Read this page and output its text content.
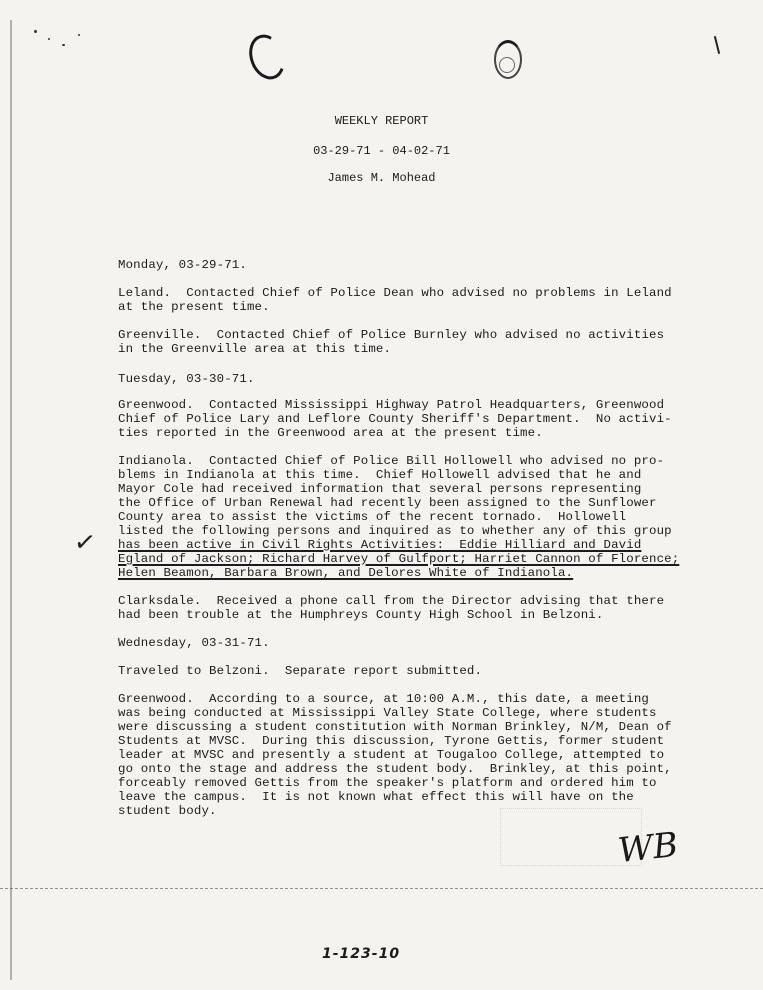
WEEKLY REPORT
03-29-71 - 04-02-71
James M. Mohead
Monday, 03-29-71.
Leland.  Contacted Chief of Police Dean who advised no problems in Leland
at the present time.
Greenville.  Contacted Chief of Police Burnley who advised no activities
in the Greenville area at this time.
Tuesday, 03-30-71.
Greenwood.  Contacted Mississippi Highway Patrol Headquarters, Greenwood
Chief of Police Lary and Leflore County Sheriff's Department.  No activi-
ties reported in the Greenwood area at the present time.
Indianola.  Contacted Chief of Police Bill Hollowell who advised no pro-
blems in Indianola at this time.  Chief Hollowell advised that he and
Mayor Cole had received information that several persons representing
the Office of Urban Renewal had recently been assigned to the Sunflower
County area to assist the victims of the recent tornado.  Hollowell
listed the following persons and inquired as to whether any of this group
has been active in Civil Rights Activities:  Eddie Hilliard and David
Egland of Jackson; Richard Harvey of Gulfport; Harriet Cannon of Florence;
Helen Beamon, Barbara Brown, and Delores White of Indianola.
Clarksdale.  Received a phone call from the Director advising that there
had been trouble at the Humphreys County High School in Belzoni.
Wednesday, 03-31-71.
Traveled to Belzoni.  Separate report submitted.
Greenwood.  According to a source, at 10:00 A.M., this date, a meeting
was being conducted at Mississippi Valley State College, where students
were discussing a student constitution with Norman Brinkley, N/M, Dean of
Students at MVSC.  During this discussion, Tyrone Gettis, former student
leader at MVSC and presently a student at Tougaloo College, attempted to
go onto the stage and address the student body.  Brinkley, at this point,
forceably removed Gettis from the speaker's platform and ordered him to
leave the campus.  It is not known what effect this will have on the
student body.
✓
WB
1-123-10
